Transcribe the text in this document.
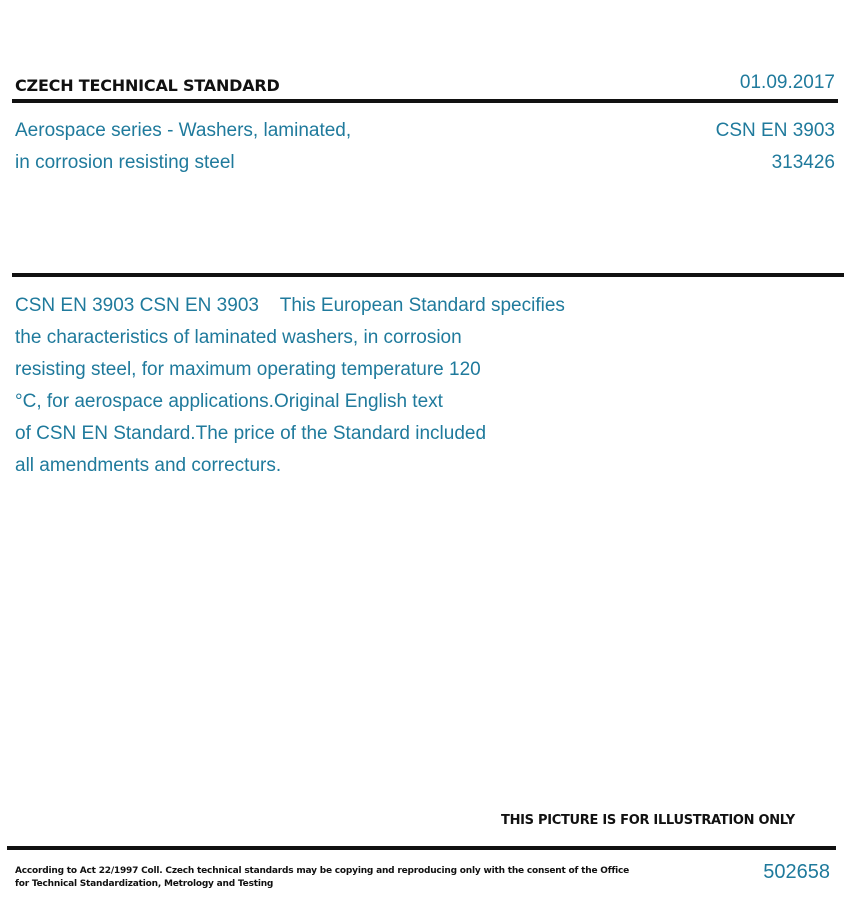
CZECH TECHNICAL STANDARD	01.09.2017
Aerospace series - Washers, laminated,
in corrosion resisting steel
CSN EN 3903
313426
CSN EN 3903 CSN EN 3903    This European Standard specifies
the characteristics of laminated washers, in corrosion
resisting steel, for maximum operating temperature 120
°C, for aerospace applications.Original English text
of CSN EN Standard.The price of the Standard included
all amendments and correcturs.
THIS PICTURE IS FOR ILLUSTRATION ONLY
According to Act 22/1997 Coll. Czech technical standards may be copying and reproducing only with the consent of the Office
for Technical Standardization, Metrology and Testing
502658
